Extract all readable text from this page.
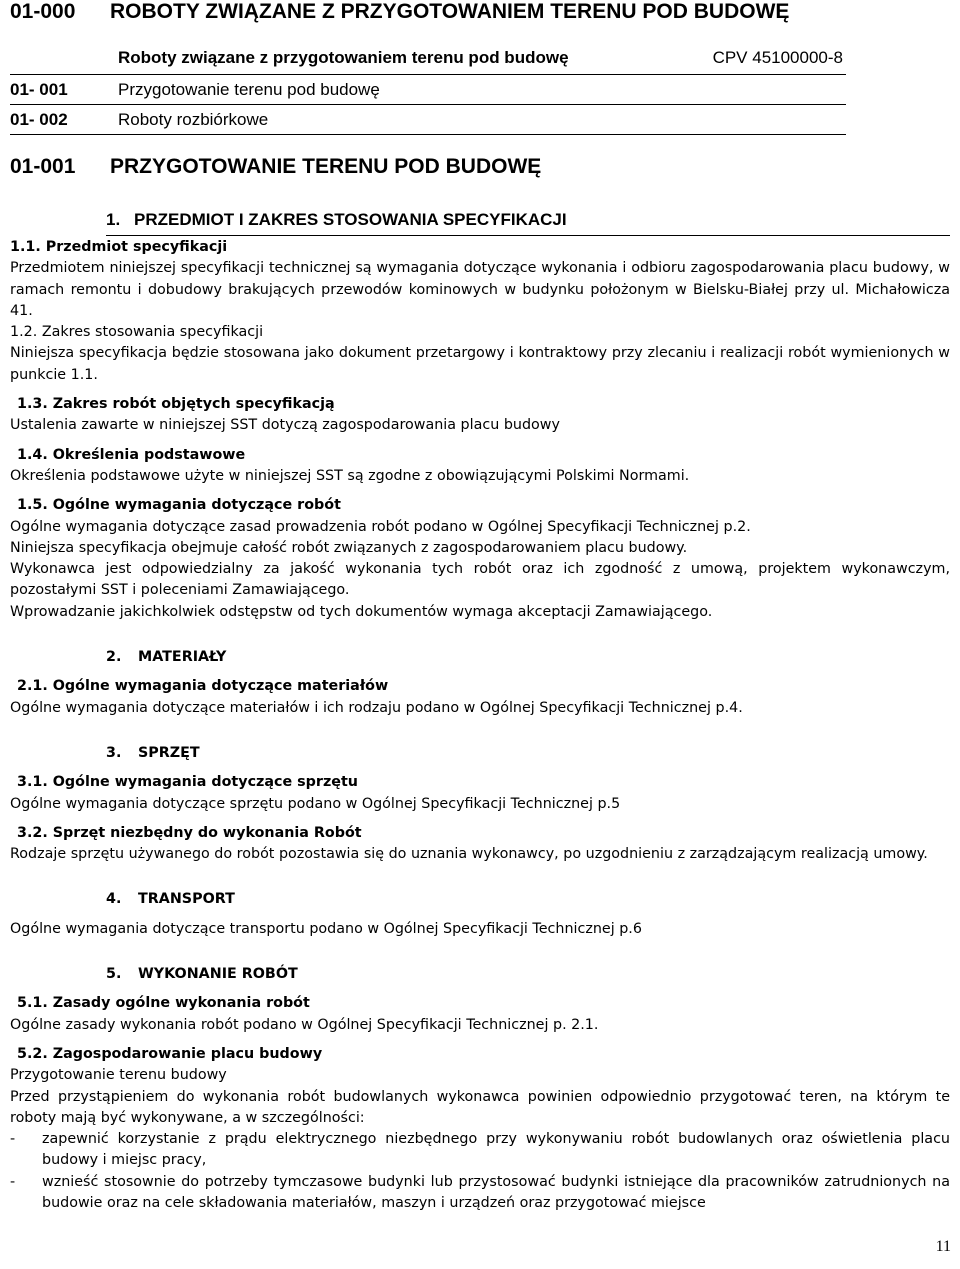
01-000 ROBOTY ZWIĄZANE Z PRZYGOTOWANIEM TERENU POD BUDOWĘ
Roboty związane z przygotowaniem terenu pod budowę	CPV 45100000-8
01- 001	Przygotowanie terenu pod budowę
01- 002	Roboty rozbiórkowe
01-001 PRZYGOTOWANIE TERENU POD BUDOWĘ
1. PRZEDMIOT I ZAKRES STOSOWANIA SPECYFIKACJI

1.1. Przedmiot specyfikacji

Przedmiotem niniejszej specyfikacji technicznej są wymagania dotyczące wykonania i odbioru zagospodarowania placu budowy, w ramach remontu i dobudowy brakujących przewodów kominowych w budynku położonym w Bielsku-Białej przy ul. Michałowicza 41.

1.2. Zakres stosowania specyfikacji

Niniejsza specyfikacja będzie stosowana jako dokument przetargowy i kontraktowy przy zlecaniu i realizacji robót wymienionych w punkcie 1.1.

1.3. Zakres robót objętych specyfikacją

Ustalenia zawarte w niniejszej SST dotyczą zagospodarowania placu budowy

1.4. Określenia podstawowe

Określenia podstawowe użyte w niniejszej SST są zgodne z obowiązującymi Polskimi Normami.

1.5. Ogólne wymagania dotyczące robót

Ogólne wymagania dotyczące zasad prowadzenia robót podano w Ogólnej Specyfikacji Technicznej p.2.

Niniejsza specyfikacja obejmuje całość robót związanych z zagospodarowaniem placu budowy.

Wykonawca jest odpowiedzialny za jakość wykonania tych robót oraz ich zgodność z umową, projektem wykonawczym, pozostałymi SST i poleceniami Zamawiającego.

Wprowadzanie jakichkolwiek odstępstw od tych dokumentów wymaga akceptacji Zamawiającego.

2. MATERIAŁY

2.1. Ogólne wymagania dotyczące materiałów

Ogólne wymagania dotyczące materiałów i ich rodzaju podano w Ogólnej Specyfikacji Technicznej p.4.

3. SPRZĘT

3.1. Ogólne wymagania dotyczące sprzętu

Ogólne wymagania dotyczące sprzętu podano w Ogólnej Specyfikacji Technicznej p.5

3.2. Sprzęt niezbędny do wykonania Robót

Rodzaje sprzętu używanego do robót pozostawia się do uznania wykonawcy, po uzgodnieniu z zarządzającym realizacją umowy.

4. TRANSPORT

Ogólne wymagania dotyczące transportu podano w Ogólnej Specyfikacji Technicznej p.6

5. WYKONANIE ROBÓT

5.1. Zasady ogólne wykonania robót

Ogólne zasady wykonania robót podano w Ogólnej Specyfikacji Technicznej p. 2.1.

5.2. Zagospodarowanie placu budowy

Przygotowanie terenu budowy

Przed przystąpieniem do wykonania robót budowlanych wykonawca powinien odpowiednio przygotować teren, na którym te roboty mają być wykonywane, a w szczególności:

- zapewnić korzystanie z prądu elektrycznego niezbędnego przy wykonywaniu robót budowlanych oraz oświetlenia placu budowy i miejsc pracy,
- wznieść stosownie do potrzeby tymczasowe budynki lub przystosować budynki istniejące dla pracowników zatrudnionych na budowie oraz na cele składowania materiałów, maszyn i urządzeń oraz przygotować miejsce
11
